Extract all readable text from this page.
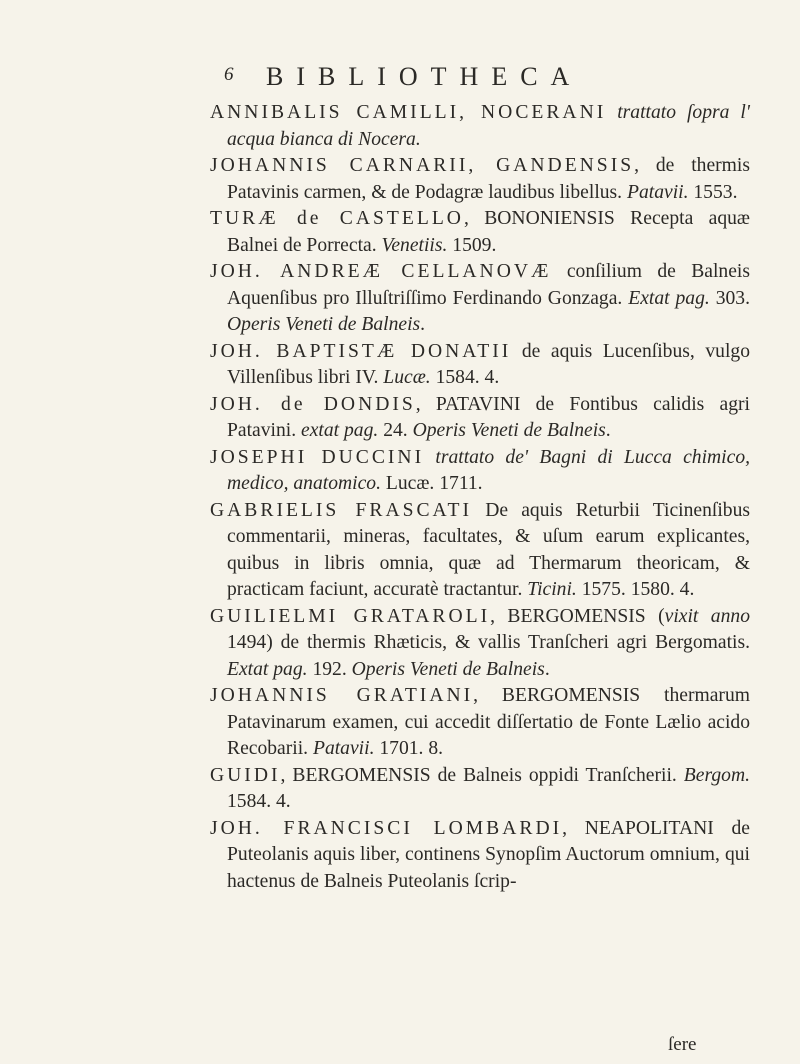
6 BIBLIOTHECA

ANNIBALIS CAMILLI, NOCERANI trattato ſopra l' acqua bianca di Nocera.

JOHANNIS CARNARII, GANDENSIS, de thermis Patavinis carmen, & de Podagræ laudibus libellus. Patavii. 1553.

TURÆ de CASTELLO, BONONIENSIS Recepta aquæ Balnei de Porrecta. Venetiis. 1509.

JOH. ANDREÆ CELLANOVÆ conſilium de Balneis Aquenſibus pro Illuſtriſſimo Ferdinando Gonzaga. Extat pag. 303. Operis Veneti de Balneis.

JOH. BAPTISTÆ DONATII de aquis Lucenſibus, vulgo Villenſibus libri IV. Lucæ. 1584. 4.

JOH. de DONDIS, PATAVINI de Fontibus calidis agri Patavini. extat pag. 24. Operis Veneti de Balneis.

JOSEPHI DUCCINI trattato de' Bagni di Lucca chimico, medico, anatomico. Lucæ. 1711.

GABRIELIS FRASCATI De aquis Returbii Ticinenſibus commentarii, mineras, facultates, & uſum earum explicantes, quibus in libris omnia, quæ ad Thermarum theoricam, & practicam faciunt, accuratè tractantur. Ticini. 1575. 1580. 4.

GUILIELMI GRATAROLI, BERGOMENSIS (vixit anno 1494) de thermis Rhæticis, & vallis Tranſcheri agri Bergomatis. Extat pag. 192. Operis Veneti de Balneis.

JOHANNIS GRATIANI, BERGOMENSIS thermarum Patavinarum examen, cui accedit diſſertatio de Fonte Lælio acido Recobarii. Patavii. 1701. 8.

GUIDI, BERGOMENSIS de Balneis oppidi Tranſcherii. Bergom. 1584. 4.

JOH. FRANCISCI LOMBARDI, NEAPOLITANI de Puteolanis aquis liber, continens Synopſim Auctorum omnium, qui hactenus de Balneis Puteolanis ſcrip-

ſere
